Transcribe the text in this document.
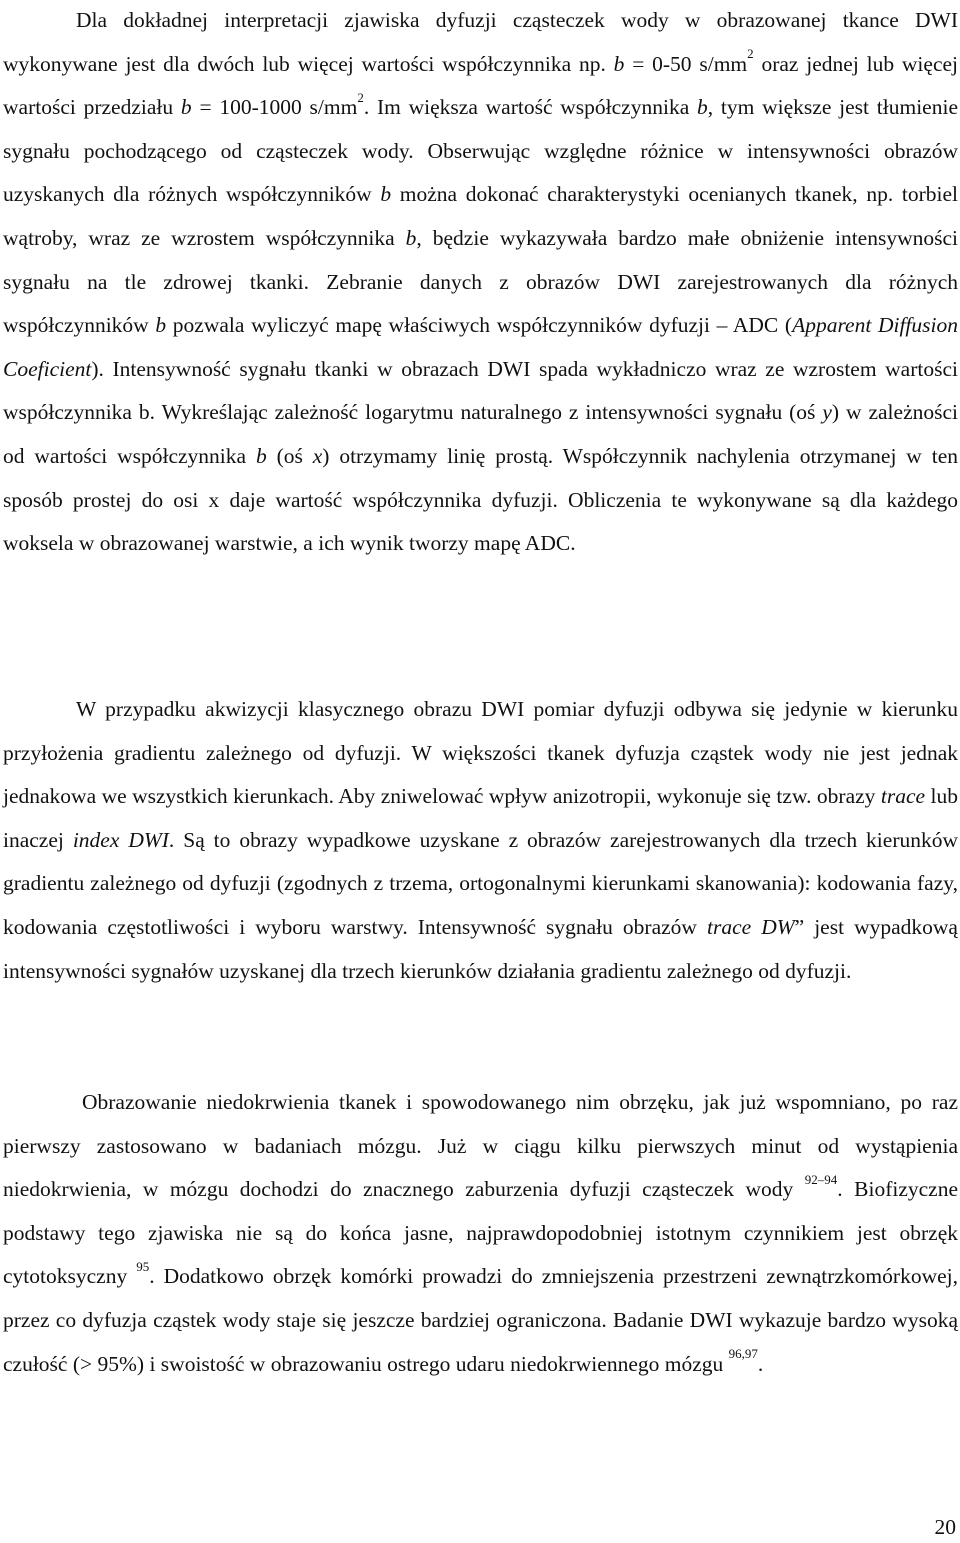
Dla dokładnej interpretacji zjawiska dyfuzji cząsteczek wody w obrazowanej tkance DWI wykonywane jest dla dwóch lub więcej wartości współczynnika np. b = 0-50 $s/mm^2$ oraz jednej lub więcej wartości przedziału b = 100-1000 $s/mm^2$. Im większa wartość współczynnika b, tym większe jest tłumienie sygnału pochodzącego od cząsteczek wody. Obserwując względne różnice w intensywności obrazów uzyskanych dla różnych współczynników b można dokonać charakterystyki ocenianych tkanek, np. torbiel wątroby, wraz ze wzrostem współczynnika b, będzie wykazywała bardzo małe obniżenie intensywności sygnału na tle zdrowej tkanki. Zebranie danych z obrazów DWI zarejestrowanych dla różnych współczynników b pozwala wyliczyć mapę właściwych współczynników dyfuzji – ADC (Apparent Diffusion Coeficient). Intensywność sygnału tkanki w obrazach DWI spada wykładniczo wraz ze wzrostem wartości współczynnika b. Wykreślając zależność logarytmu naturalnego z intensywności sygnału (oś y) w zależności od wartości współczynnika b (oś x) otrzymamy linię prostą. Współczynnik nachylenia otrzymanej w ten sposób prostej do osi x daje wartość współczynnika dyfuzji. Obliczenia te wykonywane są dla każdego woksela w obrazowanej warstwie, a ich wynik tworzy mapę ADC.

W przypadku akwizycji klasycznego obrazu DWI pomiar dyfuzji odbywa się jedynie w kierunku przyłożenia gradientu zależnego od dyfuzji. W większości tkanek dyfuzja cząstek wody nie jest jednak jednakowa we wszystkich kierunkach. Aby zniwelować wpływ anizotropii, wykonuje się tzw. obrazy trace lub inaczej index DWI. Są to obrazy wypadkowe uzyskane z obrazów zarejestrowanych dla trzech kierunków gradientu zależnego od dyfuzji (zgodnych z trzema, ortogonalnymi kierunkami skanowania): kodowania fazy, kodowania częstotliwości i wyboru warstwy. Intensywność sygnału obrazów trace DW” jest wypadkową intensywności sygnałów uzyskanej dla trzech kierunków działania gradientu zależnego od dyfuzji.

Obrazowanie niedokrwienia tkanek i spowodowanego nim obrzęku, jak już wspomniano, po raz pierwszy zastosowano w badaniach mózgu. Już w ciągu kilku pierwszych minut od wystąpienia niedokrwienia, w mózgu dochodzi do znacznego zaburzenia dyfuzji cząsteczek wody $^{92-94}$. Biofizyczne podstawy tego zjawiska nie są do końca jasne, najprawdopodobniej istotnym czynnikiem jest obrzęk cytotoksyczny $^{95}$. Dodatkowo obrzęk komórki prowadzi do zmniejszenia przestrzeni zewnątrzkomórkowej, przez co dyfuzja cząstek wody staje się jeszcze bardziej ograniczona. Badanie DWI wykazuje bardzo wysoką czułość (> 95%) i swoistość w obrazowaniu ostrego udaru niedokrwiennego mózgu $^{96,97}$.

20
